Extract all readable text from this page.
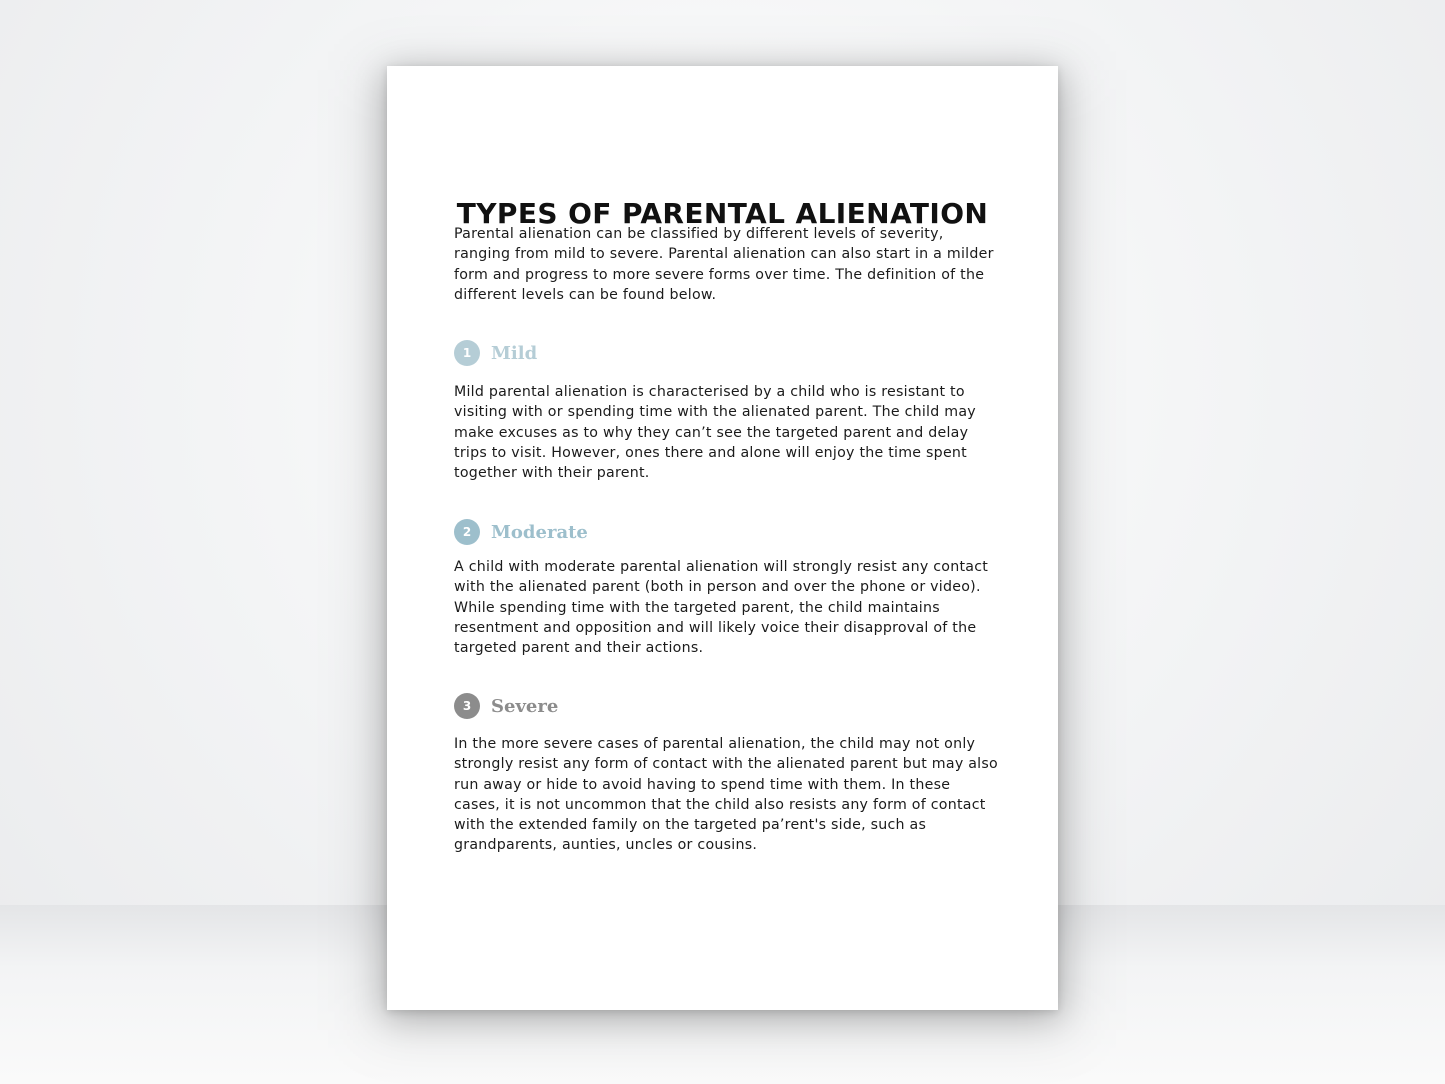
TYPES OF PARENTAL ALIENATION

Parental alienation can be classified by different levels of severity, ranging from mild to severe. Parental alienation can also start in a milder form and progress to more severe forms over time. The definition of the different levels can be found below.

1	Mild

Mild parental alienation is characterised by a child who is resistant to visiting with or spending time with the alienated parent. The child may make excuses as to why they can’t see the targeted parent and delay trips to visit. However, ones there and alone will enjoy the time spent together with their parent.

2	Moderate

A child with moderate parental alienation will strongly resist any contact with the alienated parent (both in person and over the phone or video). While spending time with the targeted parent, the child maintains resentment and opposition and will likely voice their disapproval of the targeted parent and their actions.

3	Severe

In the more severe cases of parental alienation, the child may not only strongly resist any form of contact with the alienated parent but may also run away or hide to avoid having to spend time with them. In these cases, it is not uncommon that the child also resists any form of contact with the extended family on the targeted pa’rent's side, such as grandparents, aunties, uncles or cousins.
